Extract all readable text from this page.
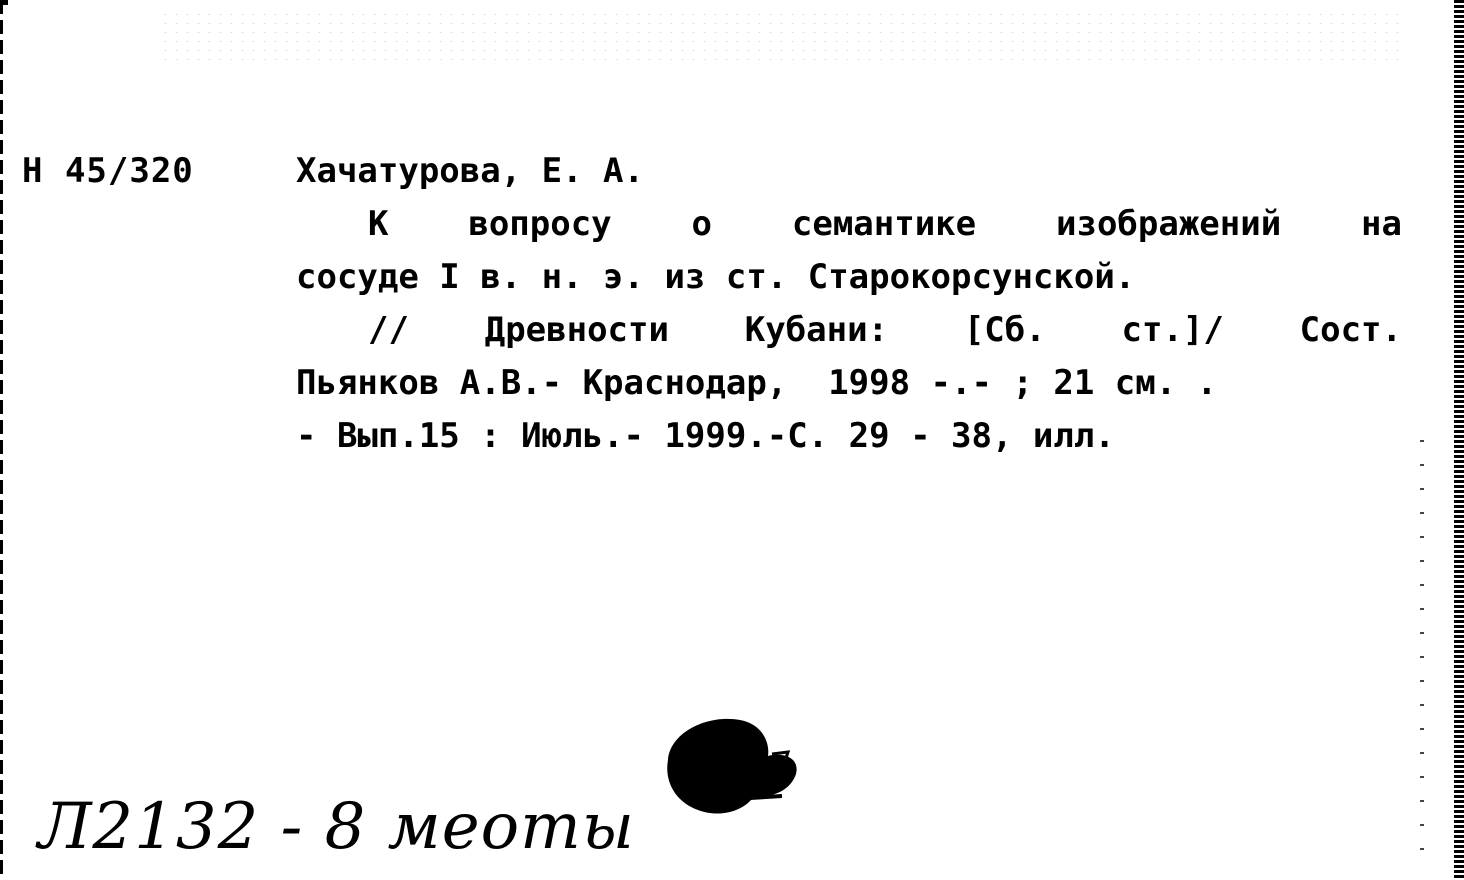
Н 45/320	Хачатурова, Е. А.
К вопросу о семантике изображений на
сосуде I в. н. э. из ст. Старокорсунской.
// Древности Кубани: [Сб. ст.]/ Сост.
Пьянков А.В.- Краснодар,  1998 -.- ; 21 см. .
- Вып.15 : Июль.- 1999.-С. 29 - 38, илл.
Л2132 - 8 меоты
